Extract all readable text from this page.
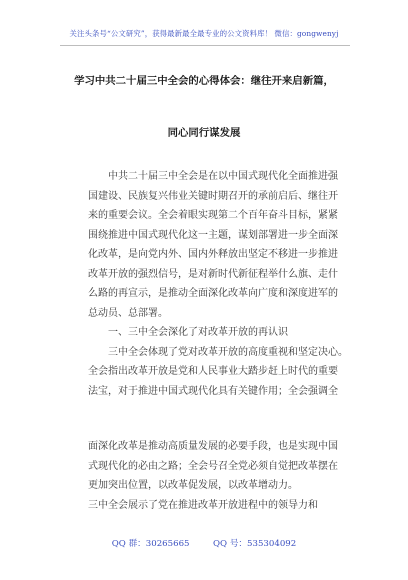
关注头条号“公文研究”，获得最新最全最专业的公文资料库！ 微信：gongwenyj
学习中共二十届三中全会的心得体会：继往开来启新篇，
同心同行谋发展
　　中共二十届三中全会是在以中国式现代化全面推进强
国建设、民族复兴伟业关键时期召开的承前启后、继往开
来的重要会议。全会着眼实现第二个百年奋斗目标，紧紧
围绕推进中国式现代化这一主题，谋划部署进一步全面深
化改革，是向党内外、国内外释放出坚定不移进一步推进
改革开放的强烈信号，是对新时代新征程举什么旗、走什
么路的再宣示，是推动全面深化改革向广度和深度进军的
总动员、总部署。
　　一、三中全会深化了对改革开放的再认识
　　三中全会体现了党对改革开放的高度重视和坚定决心。
全会指出改革开放是党和人民事业大踏步赶上时代的重要
法宝，对于推进中国式现代化具有关键作用；全会强调全
面深化改革是推动高质量发展的必要手段，也是实现中国
式现代化的必由之路；全会号召全党必须自觉把改革摆在
更加突出位置，以改革促发展，以改革增动力。
三中全会展示了党在推进改革开放进程中的领导力和
QQ 群：30265665	QQ 号：535304092
